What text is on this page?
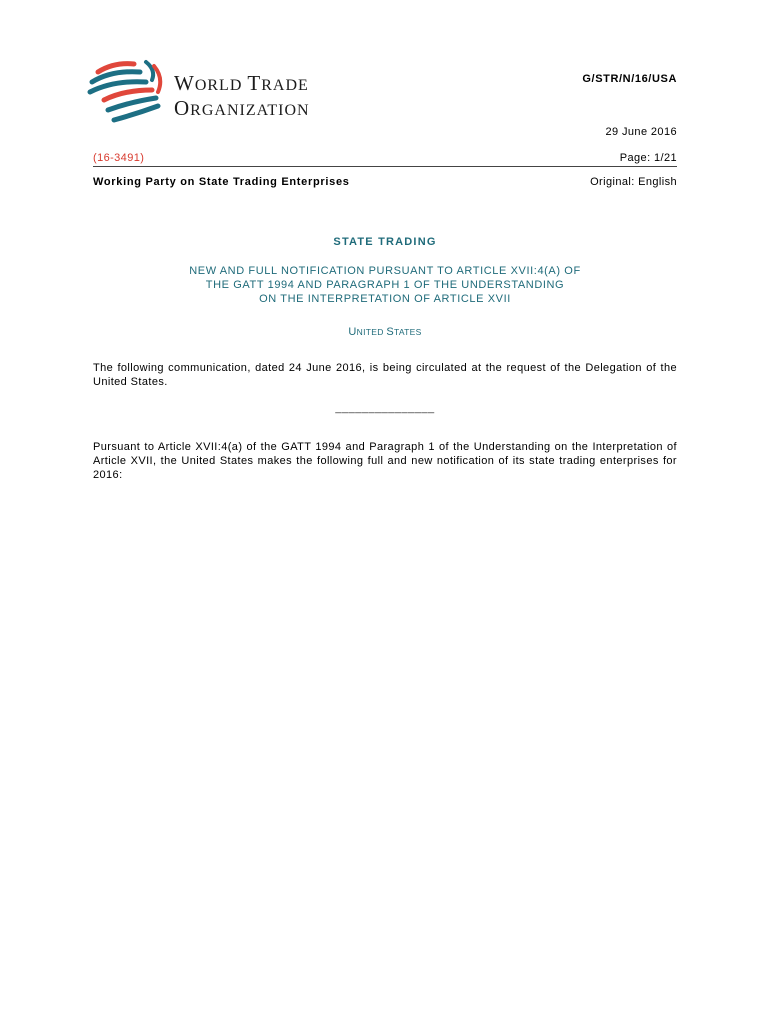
WORLD TRADE
ORGANIZATION
G/STR/N/16/USA
29 June 2016
(16-3491)	Page: 1/21
Working Party on State Trading Enterprises	Original: English
STATE TRADING
NEW AND FULL NOTIFICATION PURSUANT TO ARTICLE XVII:4(A) OF
THE GATT 1994 AND PARAGRAPH 1 OF THE UNDERSTANDING
ON THE INTERPRETATION OF ARTICLE XVII
UNITED STATES
The following communication, dated 24 June 2016, is being circulated at the request of the Delegation of the United States.
_______________
Pursuant to Article XVII:4(a) of the GATT 1994 and Paragraph 1 of the Understanding on the Interpretation of Article XVII, the United States makes the following full and new notification of its state trading enterprises for 2016:
